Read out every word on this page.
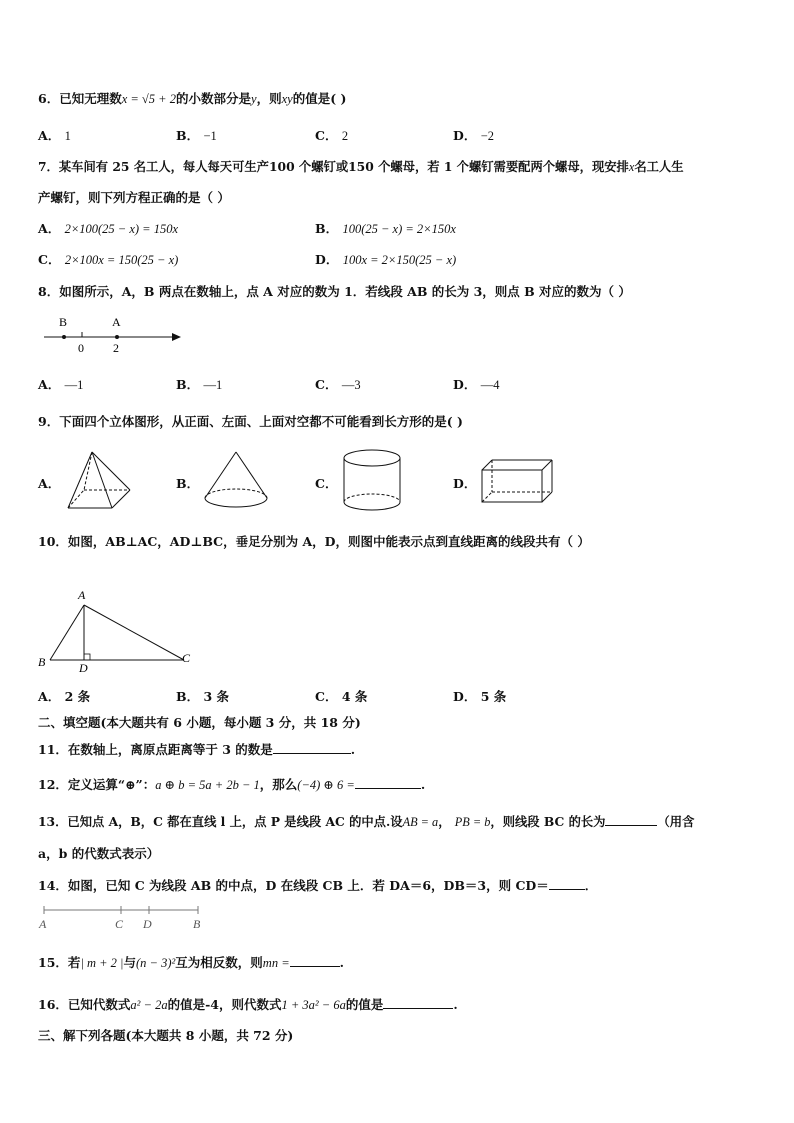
6．已知无理数x = √5 + 2的小数部分是y，则xy的值是( )
A． 1	B． −1	C． 2	D． −2
7．某车间有 25 名工人，每人每天可生产100 个螺钉或150 个螺母，若 1 个螺钉需要配两个螺母，现安排x名工人生
产螺钉，则下列方程正确的是（ ）
A． 2×100(25 − x) = 150x	B． 100(25 − x) = 2×150x
C． 2×100x = 150(25 − x)	D． 100x = 2×150(25 − x)
8．如图所示，A，B 两点在数轴上，点 A 对应的数为 1．若线段 AB 的长为 3，则点 B 对应的数为（ ）
B	A
0 2
A． —1	B． —1	C． —3	D． —4
9．下面四个立体图形，从正面、左面、上面对空都不可能看到长方形的是( )
A．	B．	C．	D．
10．如图，AB⊥AC，AD⊥BC，垂足分别为 A，D，则图中能表示点到直线距离的线段共有（ ）
A
B	C
D
A． 2 条	B． 3 条	C． 4 条	D． 5 条
二、填空题(本大题共有 6 小题，每小题 3 分，共 18 分)
11．在数轴上，离原点距离等于 3 的数是	.
12．定义运算“⊕”：a ⊕ b = 5a + 2b − 1，那么(−4) ⊕ 6 =	.
13．已知点 A，B，C 都在直线 l 上，点 P 是线段 AC 的中点.设AB = a， PB = b，则线段 BC 的长为	（用含
a，b 的代数式表示）
14．如图，已知 C 为线段 AB 的中点，D 在线段 CB 上．若 DA＝6，DB＝3，则 CD＝	．
A	C D	B
15．若| m + 2 |与(n − 3)²互为相反数，则mn =	.
16．已知代数式a² − 2a的值是-4，则代数式1 + 3a² − 6a的值是	.
三、解下列各题(本大题共 8 小题，共 72 分)
